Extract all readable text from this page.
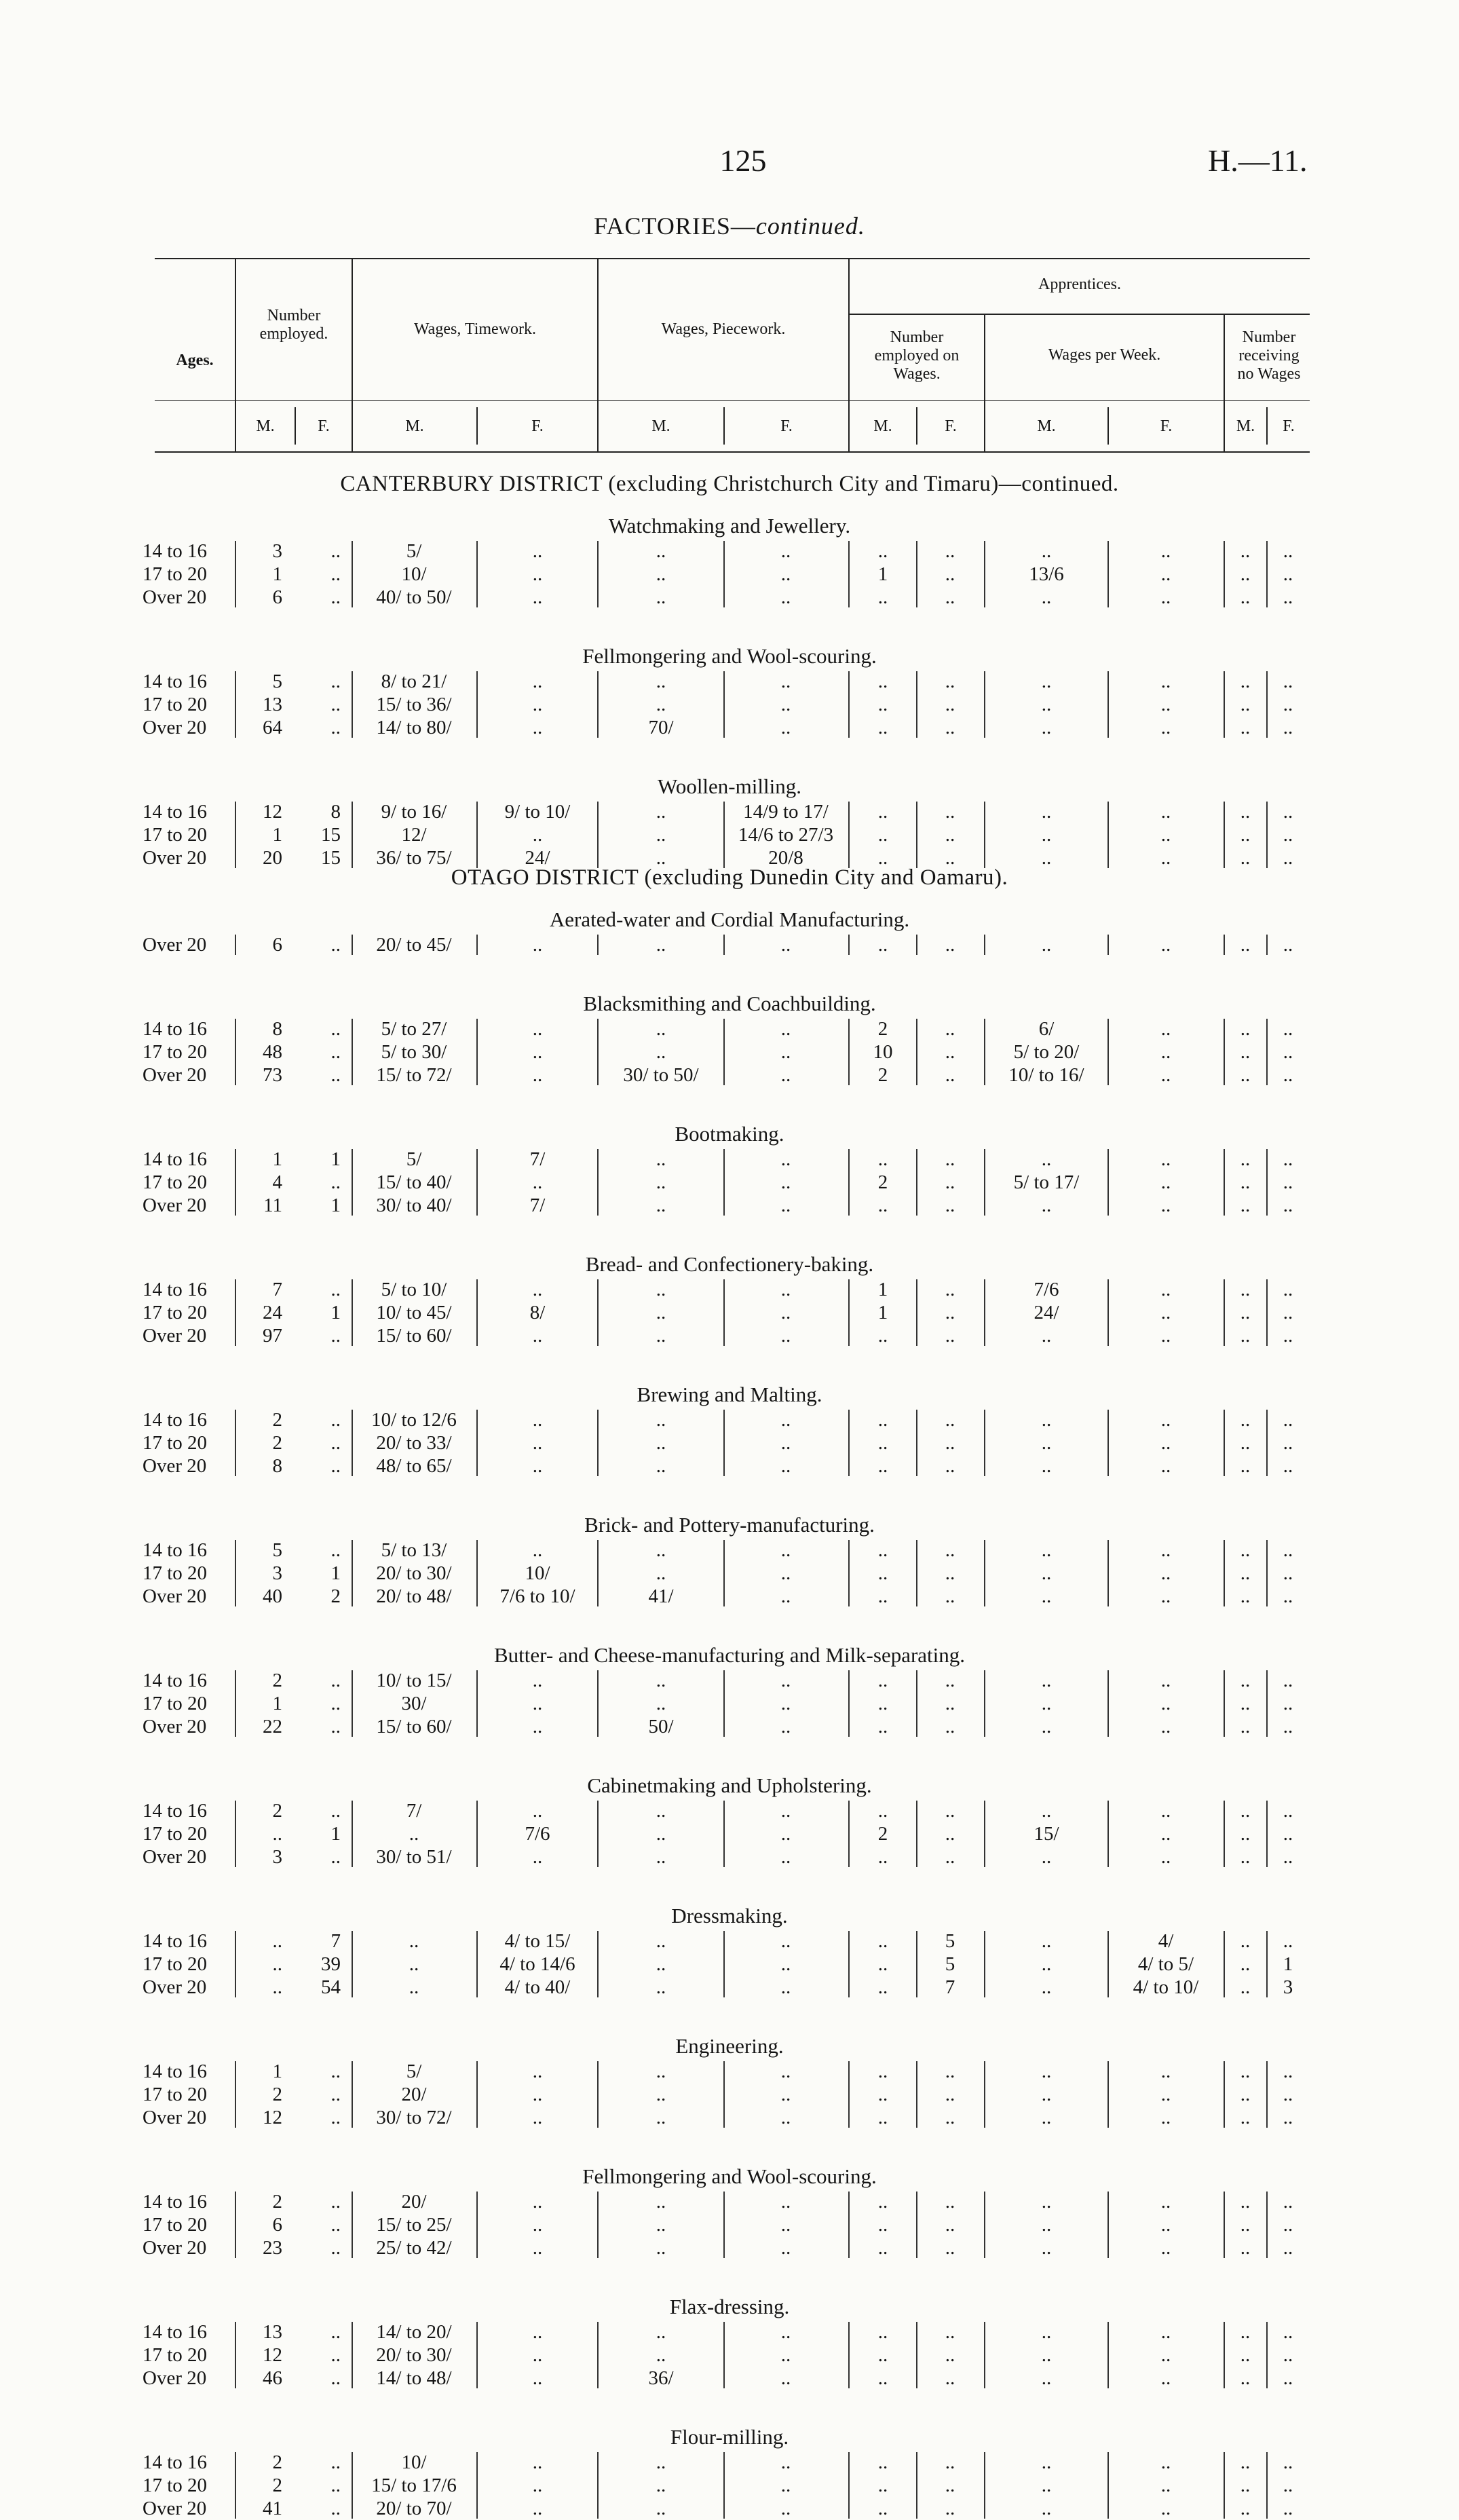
125	H.—11.
FACTORIES—continued.
Ages.
Number
employed.	Wages, Timework.	Wages, Piecework.
Apprentices.
Number
employed on
Wages.
Wages per Week.
Number
receiving
no Wages
M.	F.	M.	F.	M.	F.	M.	F.	M.	F.	M.	F.
CANTERBURY DISTRICT (excluding Christchurch City and Timaru)—continued.
Watchmaking and Jewellery.
14 to 16	3	..	5/	..	..	..	..	..	..	..	..	..
17 to 20	1	..	10/	..	..	..	1	..	13/6	..	..	..
Over 20	6	..	40/ to 50/	..	..	..	..	..	..	..	..	..
Fellmongering and Wool-scouring.
14 to 16	5	..	8/ to 21/	..	..	..	..	..	..	..	..	..
17 to 20	13	..	15/ to 36/	..	..	..	..	..	..	..	..	..
Over 20	64	..	14/ to 80/	..	70/	..	..	..	..	..	..	..
Woollen-milling.
14 to 16	12	8	9/ to 16/	9/ to 10/	..	14/9 to 17/	..	..	..	..	..	..
17 to 20	1	15	12/	..	..	14/6 to 27/3	..	..	..	..	..	..
Over 20	20	15	36/ to 75/	24/	..	20/8	..	..	..	..	..	..
OTAGO DISTRICT (excluding Dunedin City and Oamaru).
Aerated-water and Cordial Manufacturing.
Over 20	6	..	20/ to 45/	..	..	..	..	..	..	..	..	..
Blacksmithing and Coachbuilding.
14 to 16	8	..	5/ to 27/	..	..	..	2	..	6/	..	..	..
17 to 20	48	..	5/ to 30/	..	..	..	10	..	5/ to 20/	..	..	..
Over 20	73	..	15/ to 72/	..	30/ to 50/	..	2	..	10/ to 16/	..	..	..
Bootmaking.
14 to 16	1	1	5/	7/	..	..	..	..	..	..	..	..
17 to 20	4	..	15/ to 40/	..	..	..	2	..	5/ to 17/	..	..	..
Over 20	11	1	30/ to 40/	7/	..	..	..	..	..	..	..	..
Bread- and Confectionery-baking.
14 to 16	7	..	5/ to 10/	..	..	..	1	..	7/6	..	..	..
17 to 20	24	1	10/ to 45/	8/	..	..	1	..	24/	..	..	..
Over 20	97	..	15/ to 60/	..	..	..	..	..	..	..	..	..
Brewing and Malting.
14 to 16	2	..	10/ to 12/6	..	..	..	..	..	..	..	..	..
17 to 20	2	..	20/ to 33/	..	..	..	..	..	..	..	..	..
Over 20	8	..	48/ to 65/	..	..	..	..	..	..	..	..	..
Brick- and Pottery-manufacturing.
14 to 16	5	..	5/ to 13/	..	..	..	..	..	..	..	..	..
17 to 20	3	1	20/ to 30/	10/	..	..	..	..	..	..	..	..
Over 20	40	2	20/ to 48/	7/6 to 10/	41/	..	..	..	..	..	..	..
Butter- and Cheese-manufacturing and Milk-separating.
14 to 16	2	..	10/ to 15/	..	..	..	..	..	..	..	..	..
17 to 20	1	..	30/	..	..	..	..	..	..	..	..	..
Over 20	22	..	15/ to 60/	..	50/	..	..	..	..	..	..	..
Cabinetmaking and Upholstering.
14 to 16	2	..	7/	..	..	..	..	..	..	..	..	..
17 to 20	..	1	..	7/6	..	..	2	..	15/	..	..	..
Over 20	3	..	30/ to 51/	..	..	..	..	..	..	..	..	..
Dressmaking.
14 to 16	..	7	..	4/ to 15/	..	..	..	5	..	4/	..	..
17 to 20	..	39	..	4/ to 14/6	..	..	..	5	..	4/ to 5/	..	1
Over 20	..	54	..	4/ to 40/	..	..	..	7	..	4/ to 10/	..	3
Engineering.
14 to 16	1	..	5/	..	..	..	..	..	..	..	..	..
17 to 20	2	..	20/	..	..	..	..	..	..	..	..	..
Over 20	12	..	30/ to 72/	..	..	..	..	..	..	..	..	..
Fellmongering and Wool-scouring.
14 to 16	2	..	20/	..	..	..	..	..	..	..	..	..
17 to 20	6	..	15/ to 25/	..	..	..	..	..	..	..	..	..
Over 20	23	..	25/ to 42/	..	..	..	..	..	..	..	..	..
Flax-dressing.
14 to 16	13	..	14/ to 20/	..	..	..	..	..	..	..	..	..
17 to 20	12	..	20/ to 30/	..	..	..	..	..	..	..	..	..
Over 20	46	..	14/ to 48/	..	36/	..	..	..	..	..	..	..
Flour-milling.
14 to 16	2	..	10/	..	..	..	..	..	..	..	..	..
17 to 20	2	..	15/ to 17/6	..	..	..	..	..	..	..	..	..
Over 20	41	..	20/ to 70/	..	..	..	..	..	..	..	..	..
